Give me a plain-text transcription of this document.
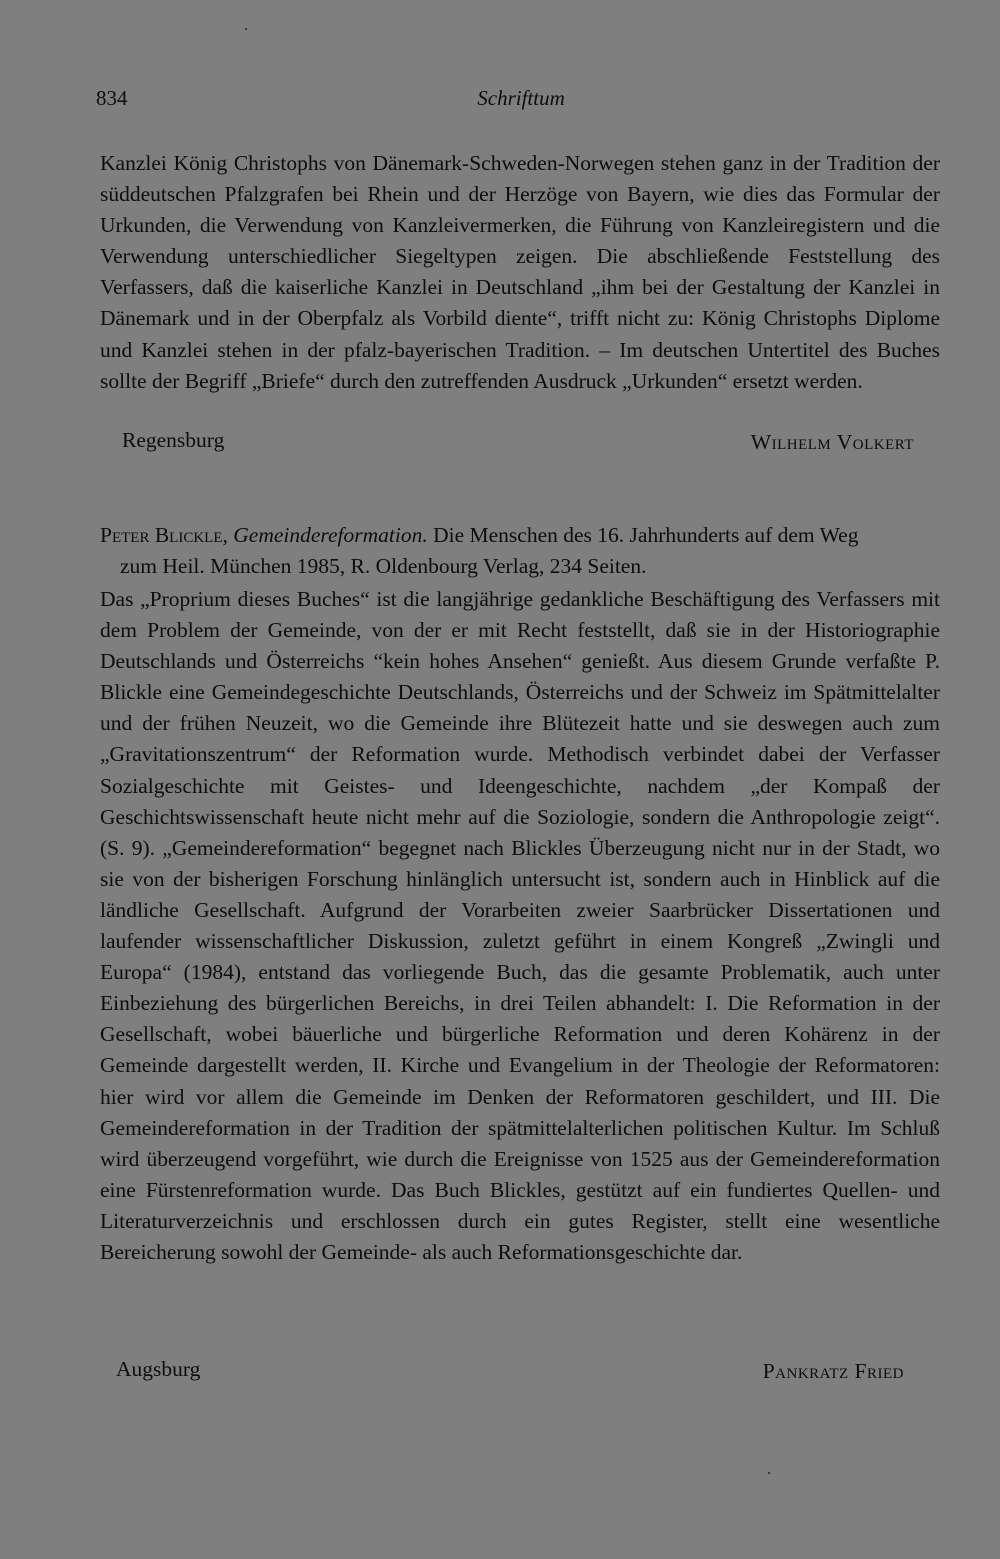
834	Schrifttum

Kanzlei König Christophs von Dänemark-Schweden-Norwegen stehen ganz in der Tradition der süddeutschen Pfalzgrafen bei Rhein und der Herzöge von Bayern, wie dies das Formular der Urkunden, die Verwendung von Kanzleivermerken, die Führung von Kanzleiregistern und die Verwendung unterschiedlicher Siegeltypen zeigen. Die abschließende Feststellung des Verfassers, daß die kaiserliche Kanzlei in Deutschland „ihm bei der Gestaltung der Kanzlei in Dänemark und in der Oberpfalz als Vorbild diente“, trifft nicht zu: König Christophs Diplome und Kanzlei stehen in der pfalz-bayerischen Tradition. – Im deutschen Untertitel des Buches sollte der Begriff „Briefe“ durch den zutreffenden Ausdruck „Urkunden“ ersetzt werden.

Regensburg	Wilhelm Volkert

Peter Blickle, Gemeindereformation. Die Menschen des 16. Jahrhunderts auf dem Weg
zum Heil. München 1985, R. Oldenbourg Verlag, 234 Seiten.

Das „Proprium dieses Buches“ ist die langjährige gedankliche Beschäftigung des Verfassers mit dem Problem der Gemeinde, von der er mit Recht feststellt, daß sie in der Historiographie Deutschlands und Österreichs “kein hohes Ansehen“ genießt. Aus diesem Grunde verfaßte P. Blickle eine Gemeindegeschichte Deutschlands, Österreichs und der Schweiz im Spätmittelalter und der frühen Neuzeit, wo die Gemeinde ihre Blütezeit hatte und sie deswegen auch zum „Gravitationszentrum“ der Reformation wurde. Methodisch verbindet dabei der Verfasser Sozialgeschichte mit Geistes- und Ideengeschichte, nachdem „der Kompaß der Geschichtswissenschaft heute nicht mehr auf die Soziologie, sondern die Anthropologie zeigt“. (S. 9). „Gemeindereformation“ begegnet nach Blickles Überzeugung nicht nur in der Stadt, wo sie von der bisherigen Forschung hinlänglich untersucht ist, sondern auch in Hinblick auf die ländliche Gesellschaft. Aufgrund der Vorarbeiten zweier Saarbrücker Dissertationen und laufender wissenschaftlicher Diskussion, zuletzt geführt in einem Kongreß „Zwingli und Europa“ (1984), entstand das vorliegende Buch, das die gesamte Problematik, auch unter Einbeziehung des bürgerlichen Bereichs, in drei Teilen abhandelt: I. Die Reformation in der Gesellschaft, wobei bäuerliche und bürgerliche Reformation und deren Kohärenz in der Gemeinde dargestellt werden, II. Kirche und Evangelium in der Theologie der Reformatoren: hier wird vor allem die Gemeinde im Denken der Reformatoren geschildert, und III. Die Gemeindereformation in der Tradition der spätmittelalterlichen politischen Kultur. Im Schluß wird überzeugend vorgeführt, wie durch die Ereignisse von 1525 aus der Gemeindereformation eine Fürstenreformation wurde. Das Buch Blickles, gestützt auf ein fundiertes Quellen- und Literaturverzeichnis und erschlossen durch ein gutes Register, stellt eine wesentliche Bereicherung sowohl der Gemeinde- als auch Reformationsgeschichte dar.

Augsburg	Pankratz Fried
